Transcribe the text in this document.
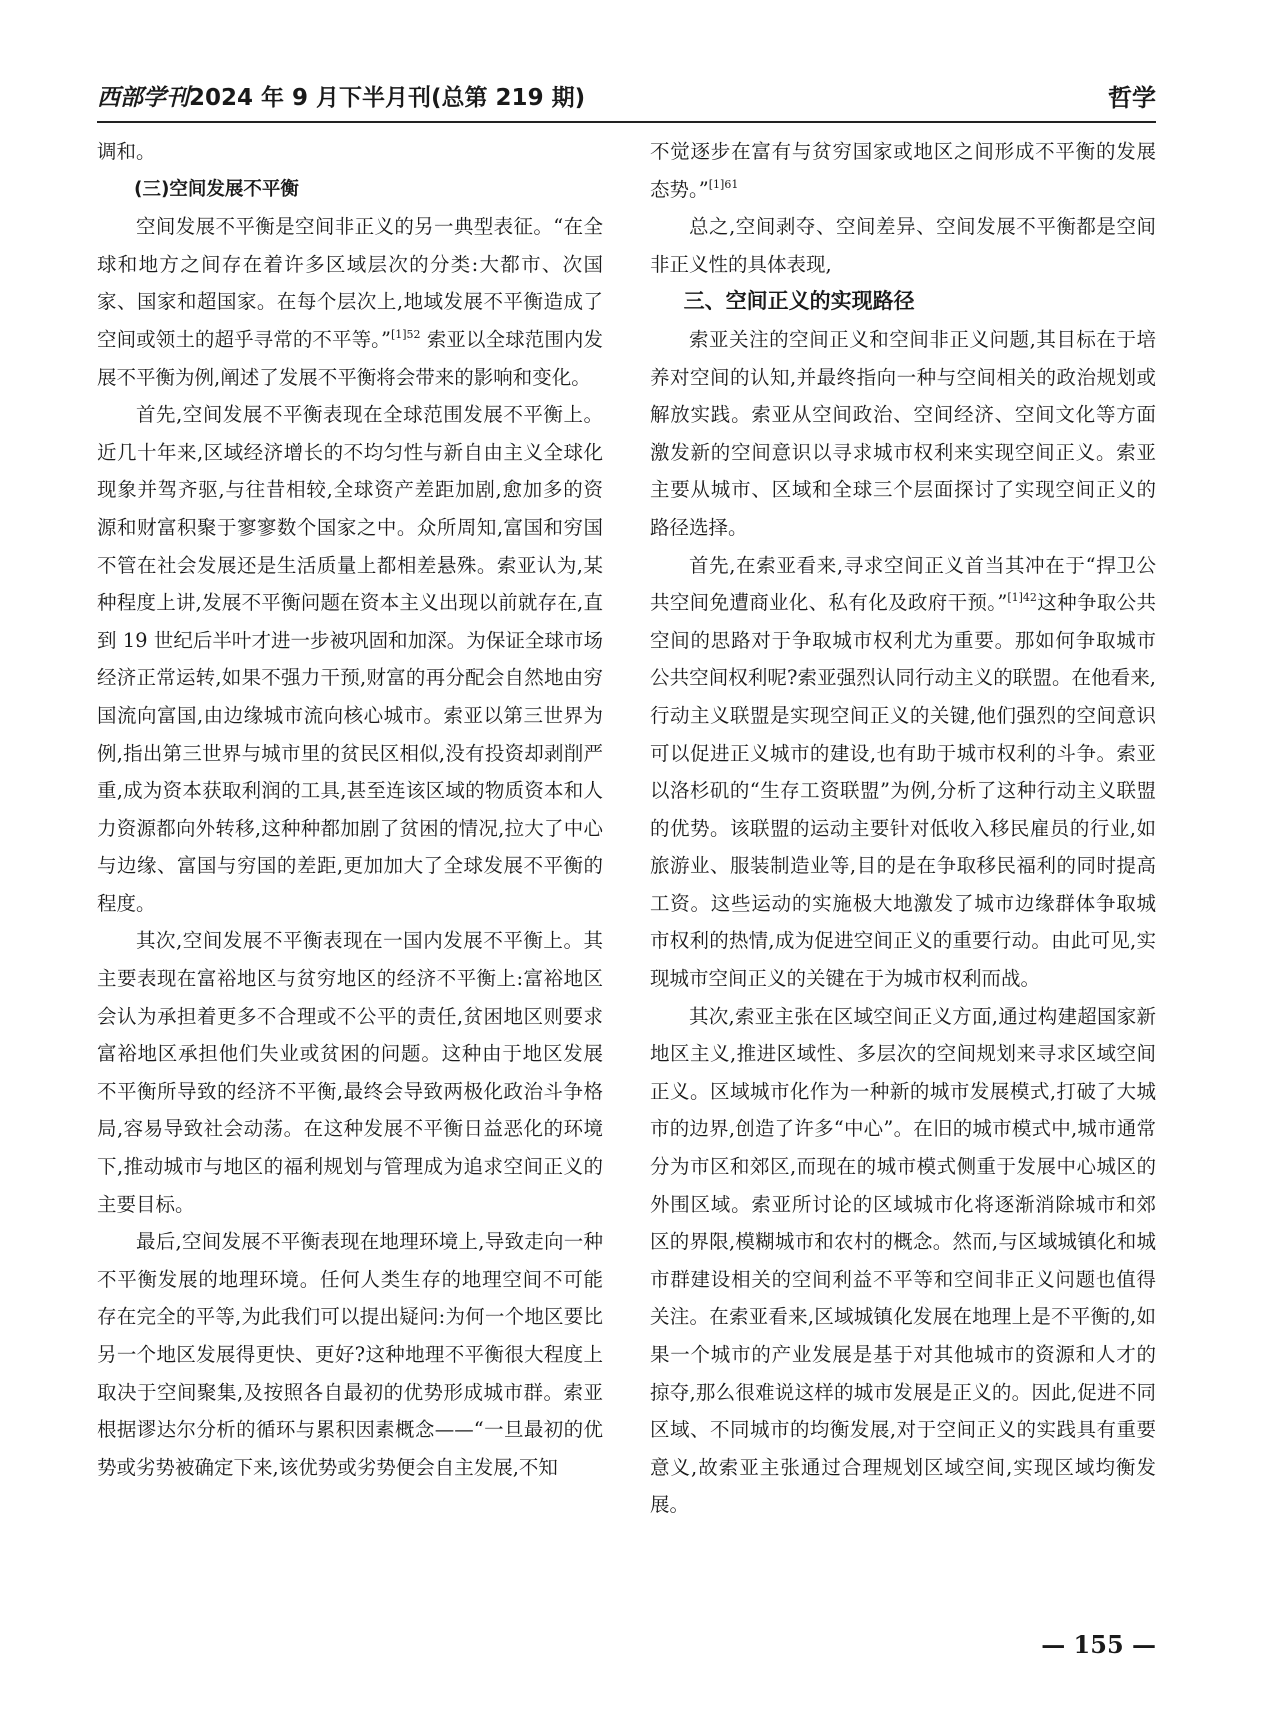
西部学刊2024 年 9 月下半月刊(总第 219 期)	哲学

调和。

(三)空间发展不平衡

空间发展不平衡是空间非正义的另一典型表征。“在全球和地方之间存在着许多区域层次的分类:大都市、次国家、国家和超国家。在每个层次上,地域发展不平衡造成了空间或领土的超乎寻常的不平等。”$^{[1]52}$ 索亚以全球范围内发展不平衡为例,阐述了发展不平衡将会带来的影响和变化。

首先,空间发展不平衡表现在全球范围发展不平衡上。近几十年来,区域经济增长的不均匀性与新自由主义全球化现象并驾齐驱,与往昔相较,全球资产差距加剧,愈加多的资源和财富积聚于寥寥数个国家之中。众所周知,富国和穷国不管在社会发展还是生活质量上都相差悬殊。索亚认为,某种程度上讲,发展不平衡问题在资本主义出现以前就存在,直到 19 世纪后半叶才进一步被巩固和加深。为保证全球市场经济正常运转,如果不强力干预,财富的再分配会自然地由穷国流向富国,由边缘城市流向核心城市。索亚以第三世界为例,指出第三世界与城市里的贫民区相似,没有投资却剥削严重,成为资本获取利润的工具,甚至连该区域的物质资本和人力资源都向外转移,这种种都加剧了贫困的情况,拉大了中心与边缘、富国与穷国的差距,更加加大了全球发展不平衡的程度。

其次,空间发展不平衡表现在一国内发展不平衡上。其主要表现在富裕地区与贫穷地区的经济不平衡上:富裕地区会认为承担着更多不合理或不公平的责任,贫困地区则要求富裕地区承担他们失业或贫困的问题。这种由于地区发展不平衡所导致的经济不平衡,最终会导致两极化政治斗争格局,容易导致社会动荡。在这种发展不平衡日益恶化的环境下,推动城市与地区的福利规划与管理成为追求空间正义的主要目标。

最后,空间发展不平衡表现在地理环境上,导致走向一种不平衡发展的地理环境。任何人类生存的地理空间不可能存在完全的平等,为此我们可以提出疑问:为何一个地区要比另一个地区发展得更快、更好?这种地理不平衡很大程度上取决于空间聚集,及按照各自最初的优势形成城市群。索亚根据谬达尔分析的循环与累积因素概念——“一旦最初的优势或劣势被确定下来,该优势或劣势便会自主发展,不知

不觉逐步在富有与贫穷国家或地区之间形成不平衡的发展态势。”$^{[1]61}$

总之,空间剥夺、空间差异、空间发展不平衡都是空间非正义性的具体表现,

三、空间正义的实现路径

索亚关注的空间正义和空间非正义问题,其目标在于培养对空间的认知,并最终指向一种与空间相关的政治规划或解放实践。索亚从空间政治、空间经济、空间文化等方面激发新的空间意识以寻求城市权利来实现空间正义。索亚主要从城市、区域和全球三个层面探讨了实现空间正义的路径选择。

首先,在索亚看来,寻求空间正义首当其冲在于“捍卫公共空间免遭商业化、私有化及政府干预。”$^{[1]42}$这种争取公共空间的思路对于争取城市权利尤为重要。那如何争取城市公共空间权利呢?索亚强烈认同行动主义的联盟。在他看来,行动主义联盟是实现空间正义的关键,他们强烈的空间意识可以促进正义城市的建设,也有助于城市权利的斗争。索亚以洛杉矶的“生存工资联盟”为例,分析了这种行动主义联盟的优势。该联盟的运动主要针对低收入移民雇员的行业,如旅游业、服装制造业等,目的是在争取移民福利的同时提高工资。这些运动的实施极大地激发了城市边缘群体争取城市权利的热情,成为促进空间正义的重要行动。由此可见,实现城市空间正义的关键在于为城市权利而战。

其次,索亚主张在区域空间正义方面,通过构建超国家新地区主义,推进区域性、多层次的空间规划来寻求区域空间正义。区域城市化作为一种新的城市发展模式,打破了大城市的边界,创造了许多“中心”。在旧的城市模式中,城市通常分为市区和郊区,而现在的城市模式侧重于发展中心城区的外围区域。索亚所讨论的区域城市化将逐渐消除城市和郊区的界限,模糊城市和农村的概念。然而,与区域城镇化和城市群建设相关的空间利益不平等和空间非正义问题也值得关注。在索亚看来,区域城镇化发展在地理上是不平衡的,如果一个城市的产业发展是基于对其他城市的资源和人才的掠夺,那么很难说这样的城市发展是正义的。因此,促进不同区域、不同城市的均衡发展,对于空间正义的实践具有重要意义,故索亚主张通过合理规划区域空间,实现区域均衡发展。

— 155 —
